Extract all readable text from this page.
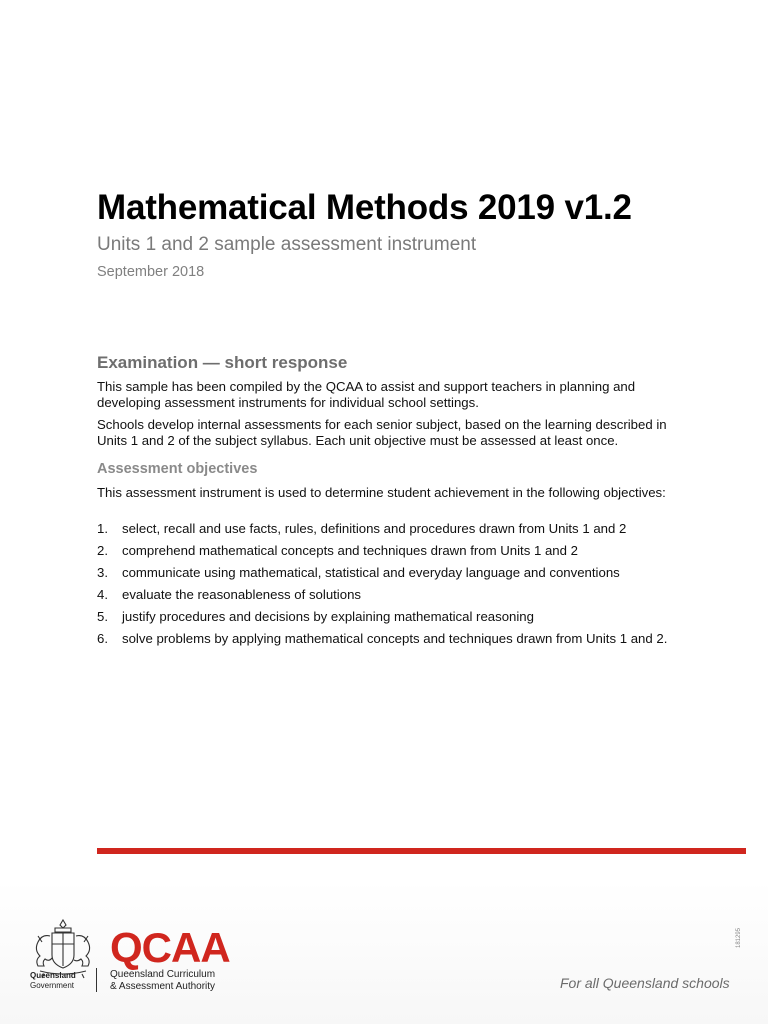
Mathematical Methods 2019 v1.2
Units 1 and 2 sample assessment instrument
September 2018
Examination — short response

This sample has been compiled by the QCAA to assist and support teachers in planning and developing assessment instruments for individual school settings.

Schools develop internal assessments for each senior subject, based on the learning described in Units 1 and 2 of the subject syllabus. Each unit objective must be assessed at least once.

Assessment objectives

This assessment instrument is used to determine student achievement in the following objectives:

1. select, recall and use facts, rules, definitions and procedures drawn from Units 1 and 2
2. comprehend mathematical concepts and techniques drawn from Units 1 and 2
3. communicate using mathematical, statistical and everyday language and conventions
4. evaluate the reasonableness of solutions
5. justify procedures and decisions by explaining mathematical reasoning
6. solve problems by applying mathematical concepts and techniques drawn from Units 1 and 2.
Queensland
Government
QCAA
Queensland Curriculum
& Assessment Authority
181295
For all Queensland schools
